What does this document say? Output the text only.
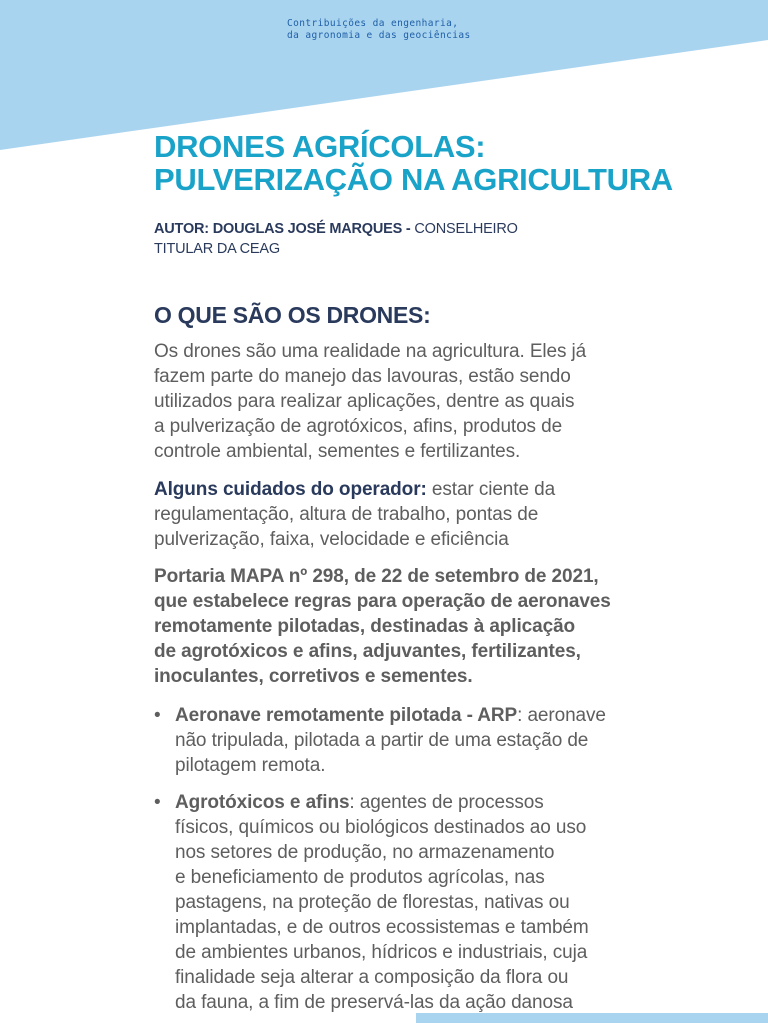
Contribuições da engenharia,
da agronomia e das geociências
DRONES AGRÍCOLAS:
PULVERIZAÇÃO NA AGRICULTURA
AUTOR: DOUGLAS JOSÉ MARQUES - CONSELHEIRO
TITULAR DA CEAG
O QUE SÃO OS DRONES:

Os drones são uma realidade na agricultura. Eles já
fazem parte do manejo das lavouras, estão sendo
utilizados para realizar aplicações, dentre as quais
a pulverização de agrotóxicos, afins, produtos de
controle ambiental, sementes e fertilizantes.

Alguns cuidados do operador: estar ciente da
regulamentação, altura de trabalho, pontas de
pulverização, faixa, velocidade e eficiência
Portaria MAPA nº 298, de 22 de setembro de 2021,
que estabelece regras para operação de aeronaves
remotamente pilotadas, destinadas à aplicação
de agrotóxicos e afins, adjuvantes, fertilizantes,
inoculantes, corretivos e sementes.
• Aeronave remotamente pilotada - ARP: aeronave
não tripulada, pilotada a partir de uma estação de
pilotagem remota.
• Agrotóxicos e afins: agentes de processos
físicos, químicos ou biológicos destinados ao uso
nos setores de produção, no armazenamento
e beneficiamento de produtos agrícolas, nas
pastagens, na proteção de florestas, nativas ou
implantadas, e de outros ecossistemas e também
de ambientes urbanos, hídricos e industriais, cuja
finalidade seja alterar a composição da flora ou
da fauna, a fim de preservá-las da ação danosa
